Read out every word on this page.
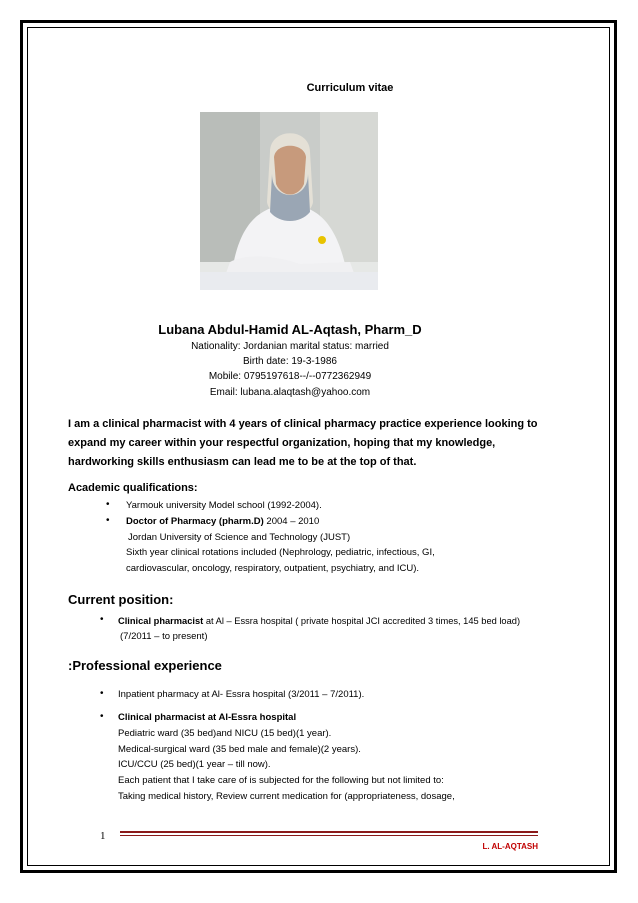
Curriculum vitae
Lubana Abdul-Hamid AL-Aqtash, Pharm_D
Nationality: Jordanian marital status: married
Birth date: 19-3-1986
Mobile: 0795197618--/--0772362949
Email: lubana.alaqtash@yahoo.com
I am a clinical pharmacist with 4 years of clinical pharmacy practice experience looking to
expand my career within your respectful organization, hoping that my knowledge,
hardworking skills enthusiasm can lead me to be at the top of that.
Academic qualifications:
• Yarmouk university Model school (1992-2004).
• Doctor of Pharmacy (pharm.D) 2004 – 2010
Jordan University of Science and Technology (JUST)
Sixth year clinical rotations included (Nephrology, pediatric, infectious, GI,
cardiovascular, oncology, respiratory, outpatient, psychiatry, and ICU).
Current position:
• Clinical pharmacist at Al – Essra hospital ( private hospital JCI accredited 3 times, 145 bed load)
(7/2011 – to present)
:Professional experience
• Inpatient pharmacy at Al- Essra hospital (3/2011 – 7/2011).
• Clinical pharmacist at Al-Essra hospital
Pediatric ward (35 bed)and NICU (15 bed)(1 year).
Medical-surgical ward (35 bed male and female)(2 years).
ICU/CCU (25 bed)(1 year – till now).
Each patient that I take care of is subjected for the following but not limited to:
Taking medical history, Review current medication for (appropriateness, dosage,
1
L. AL-AQTASH
